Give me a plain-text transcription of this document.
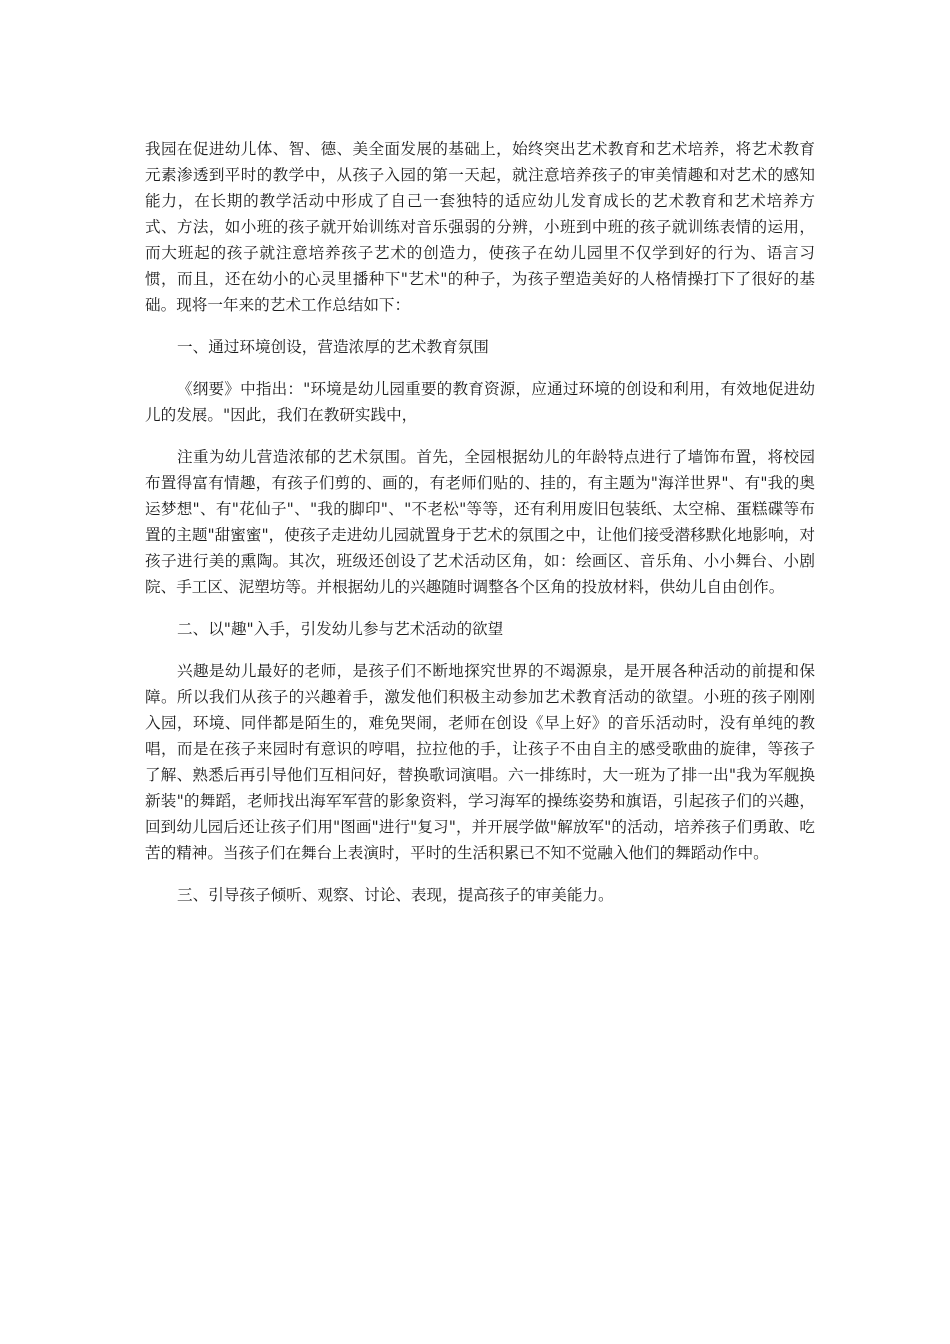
我园在促进幼儿体、智、德、美全面发展的基础上，始终突出艺术教育和艺术培养，将艺术教育元素渗透到平时的教学中，从孩子入园的第一天起，就注意培养孩子的审美情趣和对艺术的感知能力，在长期的教学活动中形成了自己一套独特的适应幼儿发育成长的艺术教育和艺术培养方式、方法，如小班的孩子就开始训练对音乐强弱的分辨，小班到中班的孩子就训练表情的运用，而大班起的孩子就注意培养孩子艺术的创造力，使孩子在幼儿园里不仅学到好的行为、语言习惯，而且，还在幼小的心灵里播种下"艺术"的种子，为孩子塑造美好的人格情操打下了很好的基础。现将一年来的艺术工作总结如下：

一、通过环境创设，营造浓厚的艺术教育氛围

《纲要》中指出："环境是幼儿园重要的教育资源，应通过环境的创设和利用，有效地促进幼儿的发展。"因此，我们在教研实践中，

注重为幼儿营造浓郁的艺术氛围。首先，全园根据幼儿的年龄特点进行了墙饰布置，将校园布置得富有情趣，有孩子们剪的、画的，有老师们贴的、挂的，有主题为"海洋世界"、有"我的奥运梦想"、有"花仙子"、"我的脚印"、"不老松"等等，还有利用废旧包装纸、太空棉、蛋糕碟等布置的主题"甜蜜蜜"，使孩子走进幼儿园就置身于艺术的氛围之中，让他们接受潜移默化地影响，对孩子进行美的熏陶。其次，班级还创设了艺术活动区角，如：绘画区、音乐角、小小舞台、小剧院、手工区、泥塑坊等。并根据幼儿的兴趣随时调整各个区角的投放材料，供幼儿自由创作。

二、以"趣"入手，引发幼儿参与艺术活动的欲望

兴趣是幼儿最好的老师，是孩子们不断地探究世界的不竭源泉，是开展各种活动的前提和保障。所以我们从孩子的兴趣着手，激发他们积极主动参加艺术教育活动的欲望。小班的孩子刚刚入园，环境、同伴都是陌生的，难免哭闹，老师在创设《早上好》的音乐活动时，没有单纯的教唱，而是在孩子来园时有意识的哼唱，拉拉他的手，让孩子不由自主的感受歌曲的旋律，等孩子了解、熟悉后再引导他们互相问好，替换歌词演唱。六一排练时，大一班为了排一出"我为军舰换新装"的舞蹈，老师找出海军军营的影象资料，学习海军的操练姿势和旗语，引起孩子们的兴趣，回到幼儿园后还让孩子们用"图画"进行"复习"，并开展学做"解放军"的活动，培养孩子们勇敢、吃苦的精神。当孩子们在舞台上表演时，平时的生活积累已不知不觉融入他们的舞蹈动作中。

三、引导孩子倾听、观察、讨论、表现，提高孩子的审美能力。
